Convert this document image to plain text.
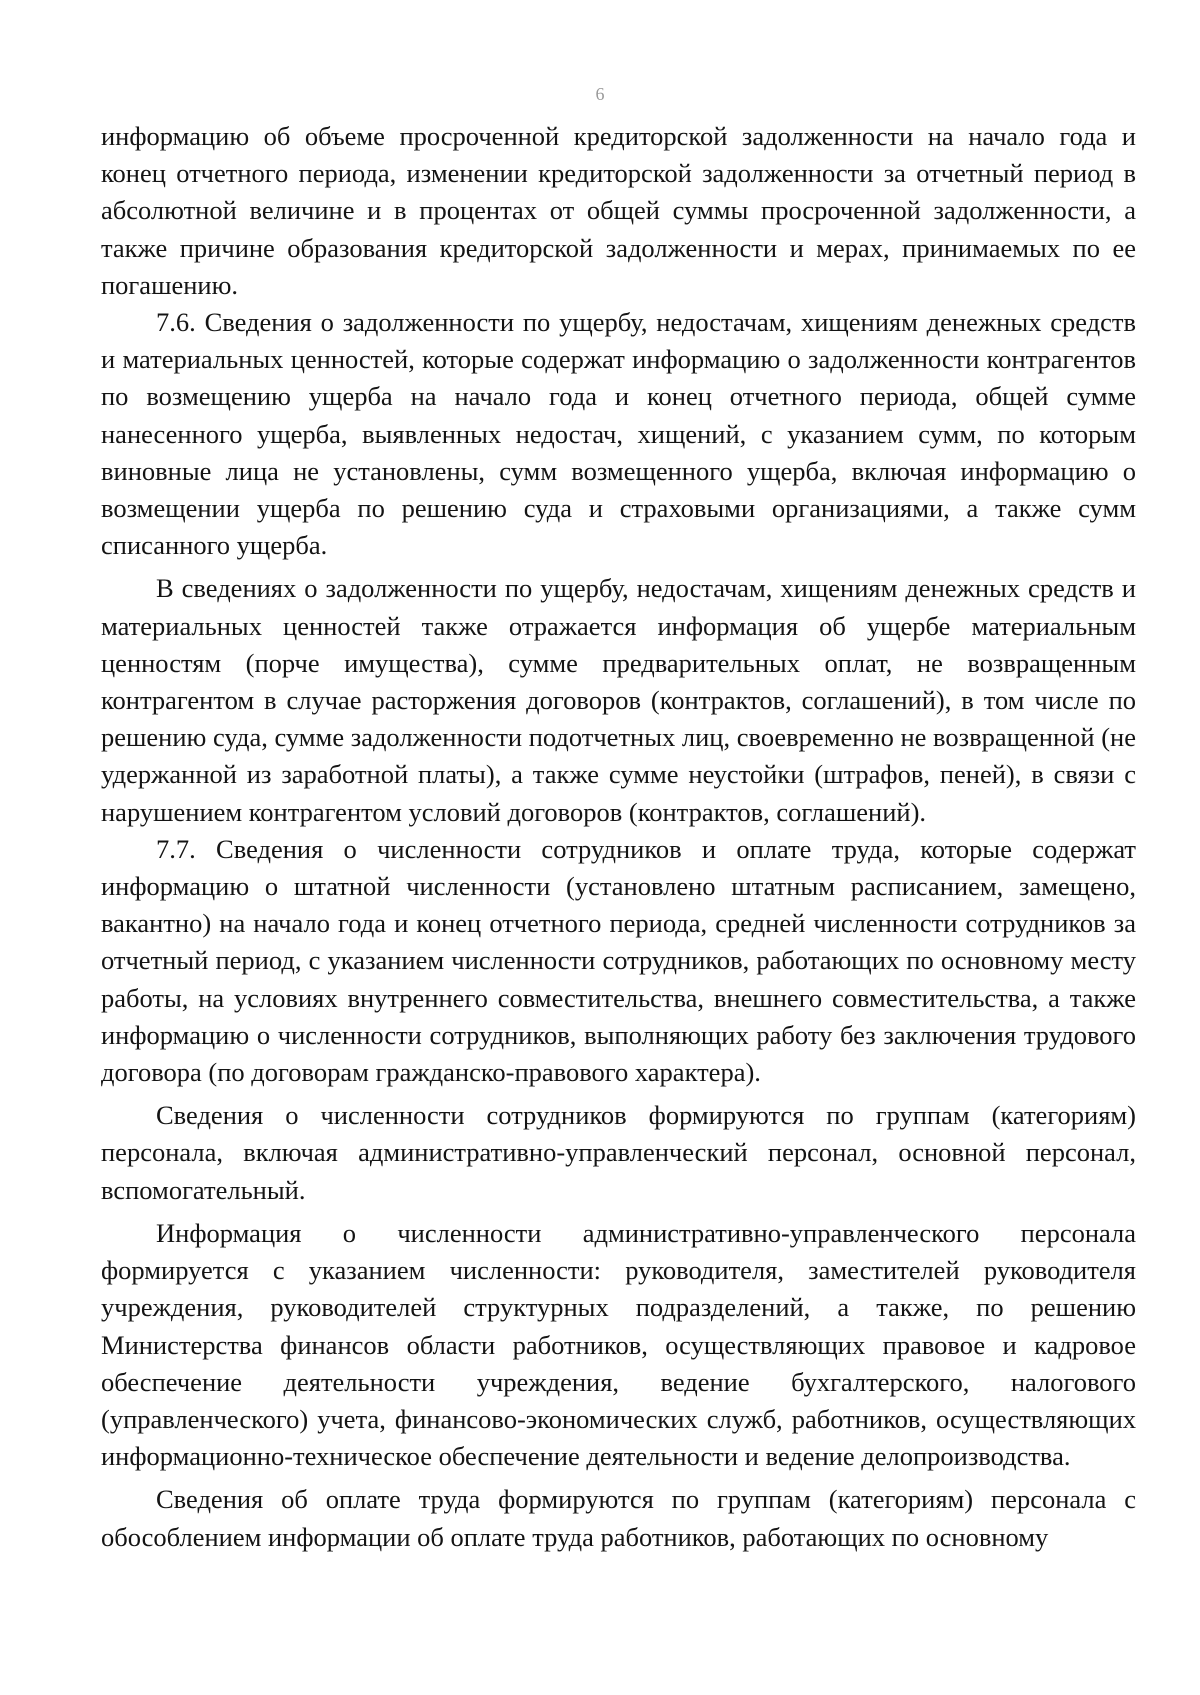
6

информацию об объеме просроченной кредиторской задолженности на начало года и конец отчетного периода, изменении кредиторской задолженности за отчетный период в абсолютной величине и в процентах от общей суммы просроченной задолженности, а также причине образования кредиторской задолженности и мерах, принимаемых по ее погашению.

7.6. Сведения о задолженности по ущербу, недостачам, хищениям денежных средств и материальных ценностей, которые содержат информацию о задолженности контрагентов по возмещению ущерба на начало года и конец отчетного периода, общей сумме нанесенного ущерба, выявленных недостач, хищений, с указанием сумм, по которым виновные лица не установлены, сумм возмещенного ущерба, включая информацию о возмещении ущерба по решению суда и страховыми организациями, а также сумм списанного ущерба.

В сведениях о задолженности по ущербу, недостачам, хищениям денежных средств и материальных ценностей также отражается информация об ущербе материальным ценностям (порче имущества), сумме предварительных оплат, не возвращенным контрагентом в случае расторжения договоров (контрактов, соглашений), в том числе по решению суда, сумме задолженности подотчетных лиц, своевременно не возвращенной (не удержанной из заработной платы), а также сумме неустойки (штрафов, пеней), в связи с нарушением контрагентом условий договоров (контрактов, соглашений).

7.7. Сведения о численности сотрудников и оплате труда, которые содержат информацию о штатной численности (установлено штатным расписанием, замещено, вакантно) на начало года и конец отчетного периода, средней численности сотрудников за отчетный период, с указанием численности сотрудников, работающих по основному месту работы, на условиях внутреннего совместительства, внешнего совместительства, а также информацию о численности сотрудников, выполняющих работу без заключения трудового договора (по договорам гражданско-правового характера).

Сведения о численности сотрудников формируются по группам (категориям) персонала, включая административно-управленческий персонал, основной персонал, вспомогательный.

Информация о численности административно-управленческого персонала формируется с указанием численности: руководителя, заместителей руководителя учреждения, руководителей структурных подразделений, а также, по решению Министерства финансов области работников, осуществляющих правовое и кадровое обеспечение деятельности учреждения, ведение бухгалтерского, налогового (управленческого) учета, финансово-экономических служб, работников, осуществляющих информационно-техническое обеспечение деятельности и ведение делопроизводства.

Сведения об оплате труда формируются по группам (категориям) персонала с обособлением информации об оплате труда работников, работающих по основному
